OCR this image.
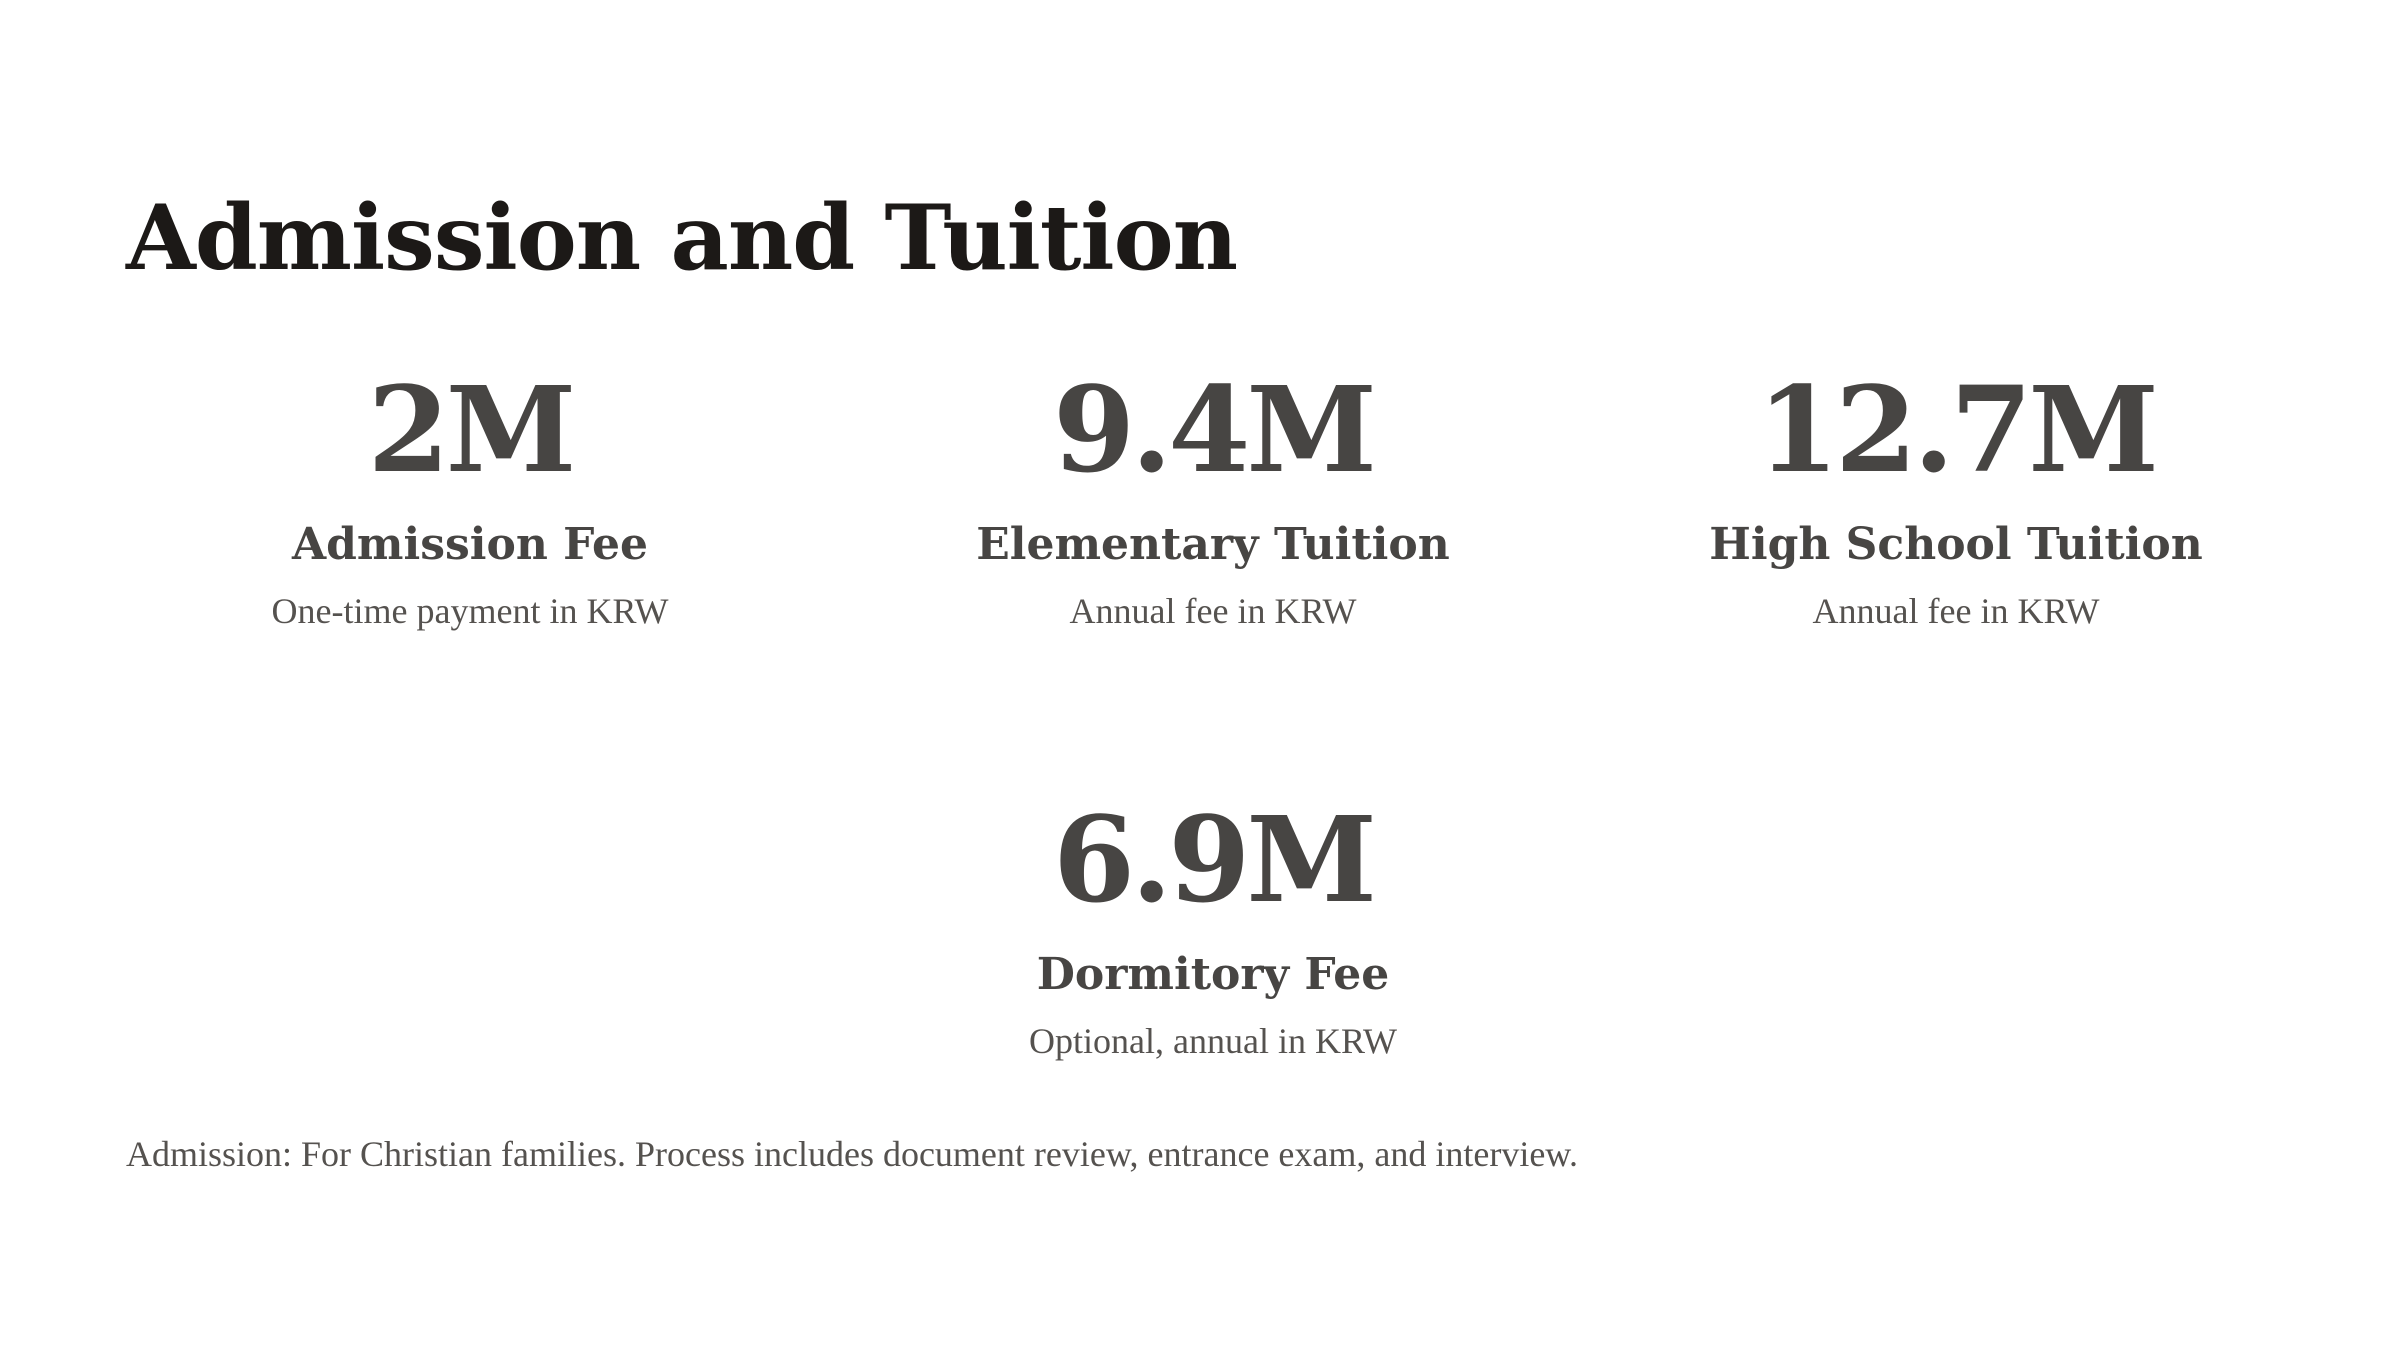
Admission and Tuition
2M
Admission Fee
One-time payment in KRW
9.4M
Elementary Tuition
Annual fee in KRW
12.7M
High School Tuition
Annual fee in KRW
6.9M
Dormitory Fee
Optional, annual in KRW

Admission: For Christian families. Process includes document review, entrance exam, and interview.
